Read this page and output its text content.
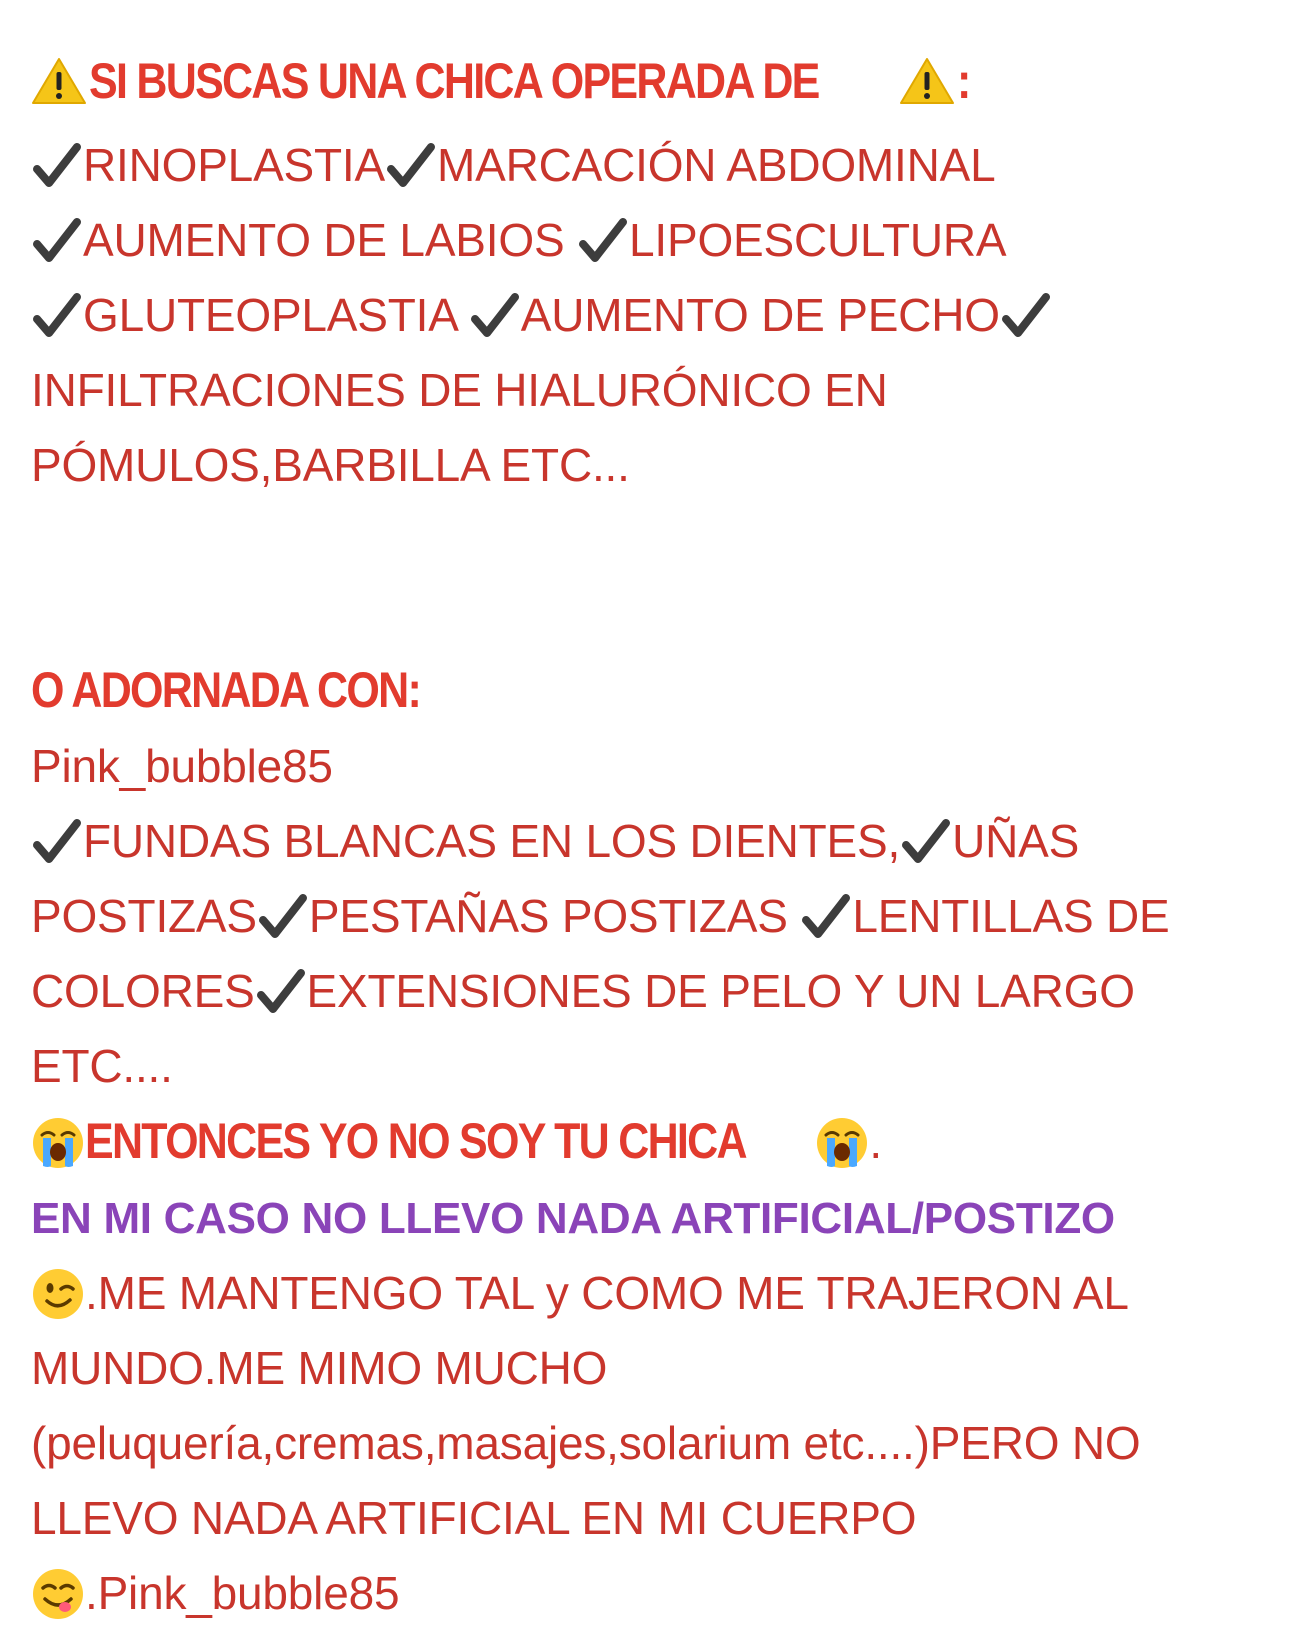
SI BUSCAS UNA CHICA OPERADA DE	:

RINOPLASTIA MARCACIÓN ABDOMINAL
AUMENTO DE LABIOS LIPOESCULTURA
GLUTEOPLASTIA AUMENTO DE PECHOINFILTRACIONES DE HIALURÓNICO EN PÓMULOS,BARBILLA ETC...

O ADORNADA CON:

Pink_bubble85

FUNDAS BLANCAS EN LOS DIENTES, UÑAS POSTIZAS PESTAÑAS POSTIZAS LENTILLAS DE COLORES EXTENSIONES DE PELO Y UN LARGO ETC....

ENTONCES YO NO SOY TU CHICA	.

EN MI CASO NO LLEVO NADA ARTIFICIAL/POSTIZO

.ME MANTENGO TAL y COMO ME TRAJERON AL MUNDO.ME MIMO MUCHO (peluquería,cremas,masajes,solarium etc....)PERO NO LLEVO NADA ARTIFICIAL EN MI CUERPO

.Pink_bubble85
